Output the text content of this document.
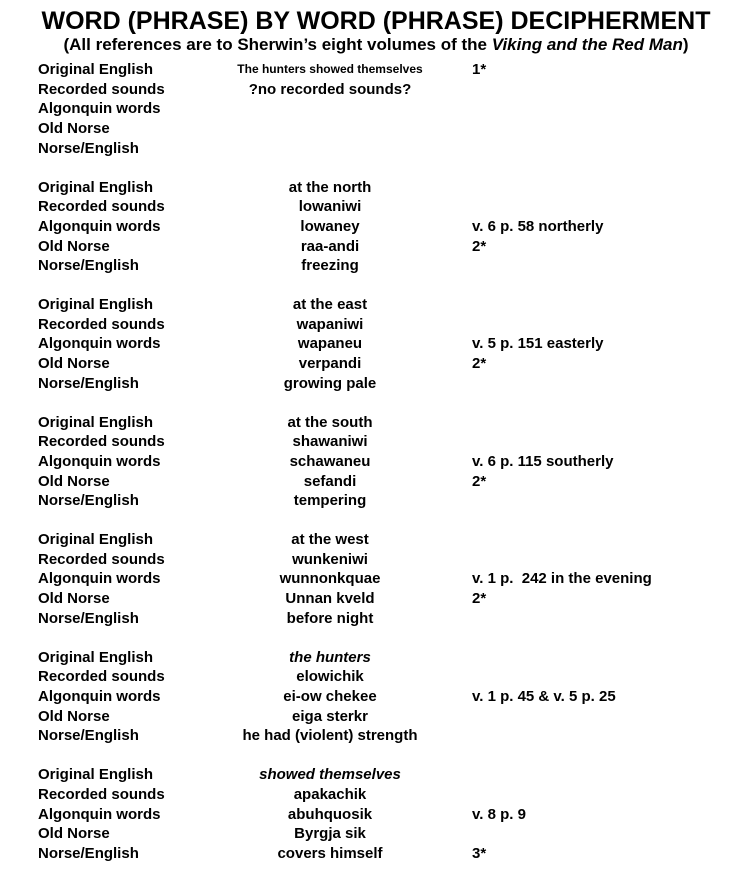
WORD (PHRASE) BY WORD (PHRASE) DECIPHERMENT
(All references are to Sherwin’s eight volumes of the Viking and the Red Man)
Original English	The hunters showed themselves	1*
Recorded sounds	?no recorded sounds?
Algonquin words
Old Norse
Norse/English
Original English	at the north
Recorded sounds	lowaniwi
Algonquin words	lowaney	v. 6 p. 58 northerly
Old Norse	raa-andi	2*
Norse/English	freezing
Original English	at the east
Recorded sounds	wapaniwi
Algonquin words	wapaneu	v. 5 p. 151 easterly
Old Norse	verpandi	2*
Norse/English	growing pale
Original English	at the south
Recorded sounds	shawaniwi
Algonquin words	schawaneu	v. 6 p. 115 southerly
Old Norse	sefandi	2*
Norse/English	tempering
Original English	at the west
Recorded sounds	wunkeniwi
Algonquin words	wunnonkquae	v. 1 p.  242 in the evening
Old Norse	Unnan kveld	2*
Norse/English	before night
Original English	the hunters
Recorded sounds	elowichik
Algonquin words	ei-ow chekee	v. 1 p. 45 & v. 5 p. 25
Old Norse	eiga sterkr
Norse/English	he had (violent) strength
Original English	showed themselves
Recorded sounds	apakachik
Algonquin words	abuhquosik	v. 8 p. 9
Old Norse	Byrgja sik
Norse/English	covers himself	3*
